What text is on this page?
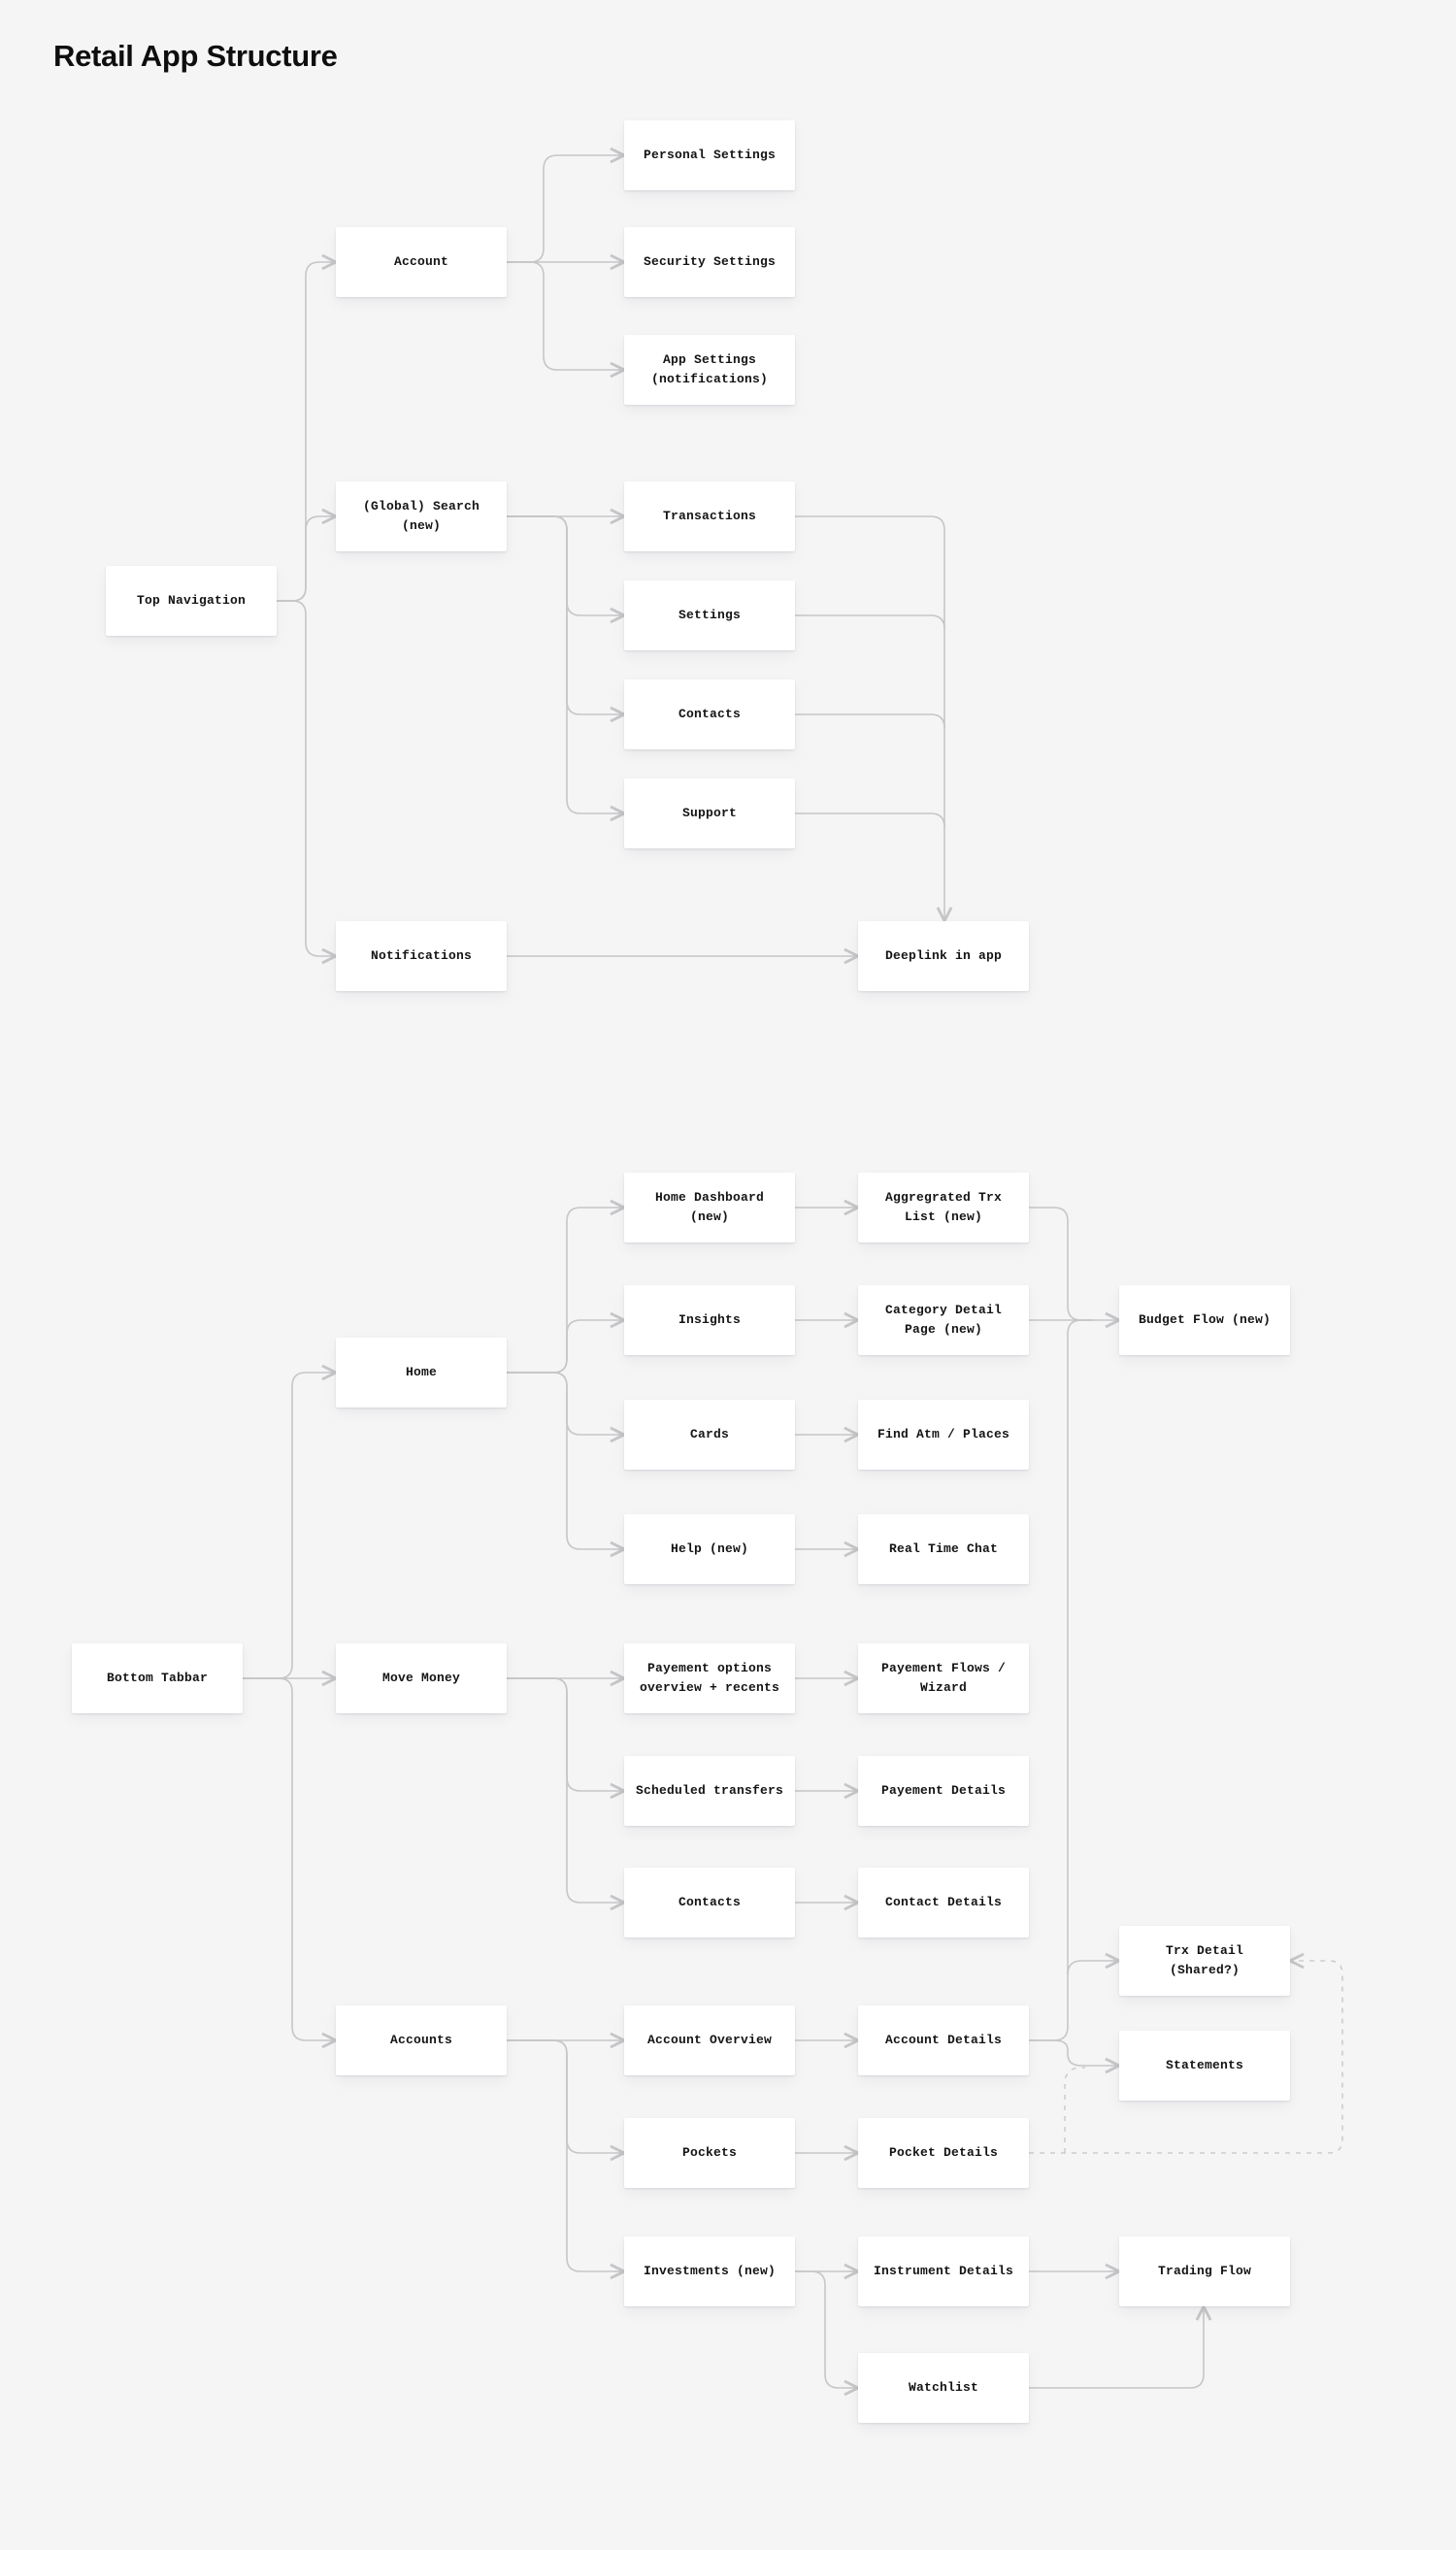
Retail App Structure
Top Navigation
Account
(Global) Search (new)
Notifications
Personal Settings
Security Settings
App Settings (notifications)
Transactions
Settings
Contacts
Support
Deeplink in app
Bottom Tabbar
Home
Move Money
Accounts
Home Dashboard (new)
Insights
Cards
Help (new)
Aggregrated Trx List (new)
Category Detail Page (new)
Find Atm / Places
Real Time Chat
Budget Flow (new)
Payement options overview + recents
Scheduled transfers
Contacts
Payement Flows / Wizard
Payement Details
Contact Details
Account Overview
Pockets
Investments (new)
Account Details
Pocket Details
Instrument Details
Watchlist
Trx Detail (Shared?)
Statements
Trading Flow
